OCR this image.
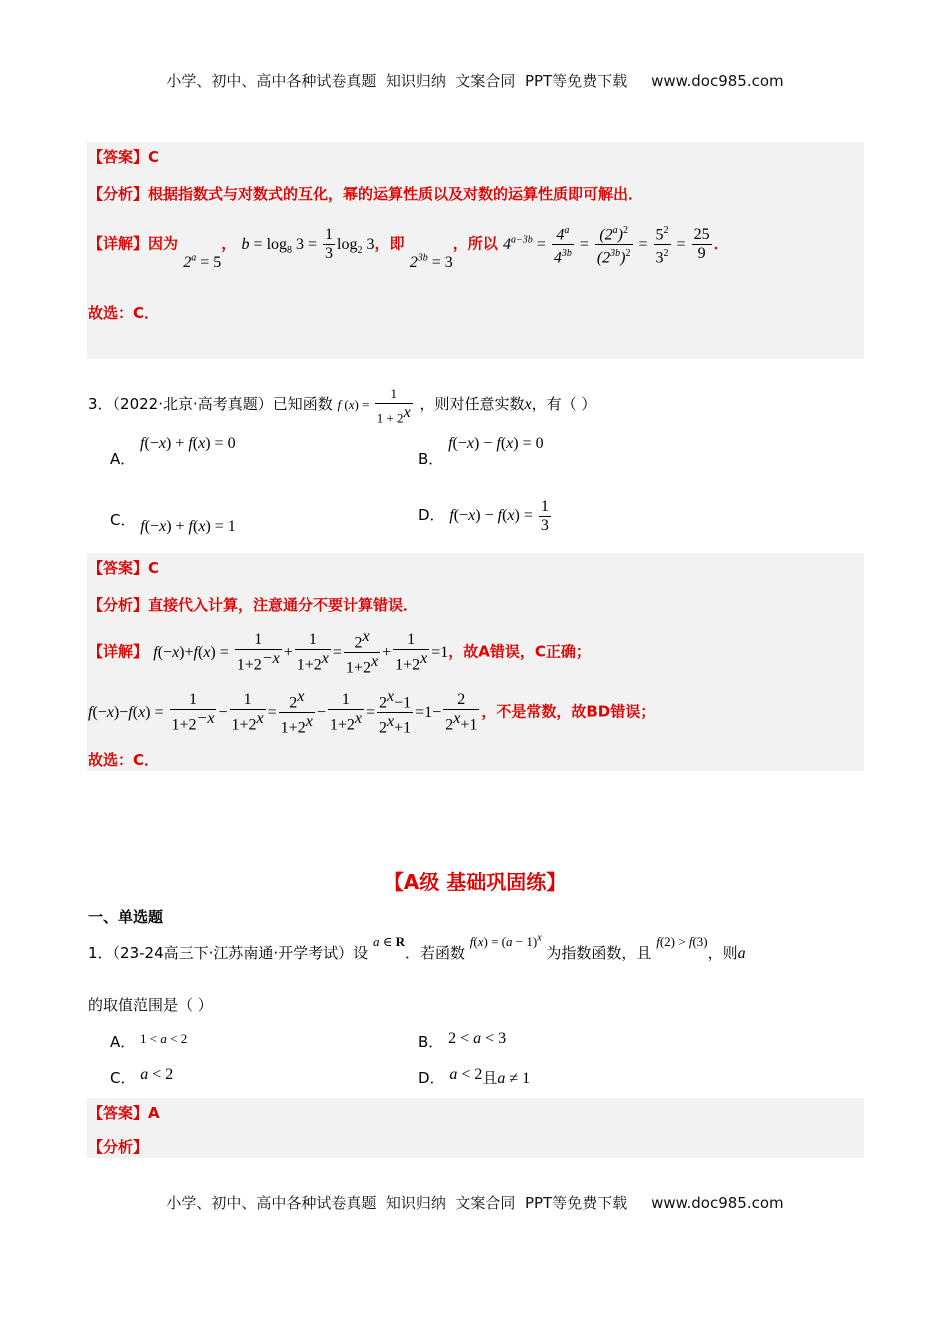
小学、初中、高中各种试卷真题  知识归纳  文案合同  PPT等免费下载     www.doc985.com
【答案】C
【分析】根据指数式与对数式的互化，幂的运算性质以及对数的运算性质即可解出．
【详解】因为 $2^a = 5$， $b = \log_8 3 = \frac{1}{3} \log_2 3$，即 $2^{3b} = 3$，所以 $4^{a-3b} = \frac{4^a}{4^{3b}} = \frac{(2^a)^2}{(2^{3b})^2} = \frac{5^2}{3^2} = \frac{25}{9}$ ．
故选：C．
3．（2022·北京·高考真题）已知函数 f $(x) = \frac{1}{1 + 2^x}$ ，则对任意实数x，有（ ）
A． f(−x) + f(x) = 0
B． f(−x) − f(x) = 0
C． f(−x) + f(x) = 1
D． $f(-x) - f(x) = \frac{1}{3}$
【答案】C
【分析】直接代入计算，注意通分不要计算错误．
【详解】 $f(-x)+f(x) = \frac{1}{1+2^{-x}} + \frac{1}{1+2^x} = \frac{2^x}{1+2^x} + \frac{1}{1+2^x} =1$，故A错误，C正确；
$f(-x)-f(x) = \frac{1}{1+2^{-x}} - \frac{1}{1+2^x} = \frac{2^x}{1+2^x} - \frac{1}{1+2^x} = \frac{2^x-1}{2^x+1} =1- \frac{2}{2^x+1}$ ，不是常数，故BD错误；
故选：C．
【A级 基础巩固练】
一、单选题
1．（23-24高三下·江苏南通·开学考试）设 a ∈ R．若函数 $f(x) = (a - 1)^x$ 为指数函数，且 f(2) > f(3)，则a
的取值范围是（ ）
A． 1 < a < 2	B． 2 < a < 3
C． a < 2	D． a < 2且a ≠ 1
【答案】A
【分析】
小学、初中、高中各种试卷真题  知识归纳  文案合同  PPT等免费下载     www.doc985.com
